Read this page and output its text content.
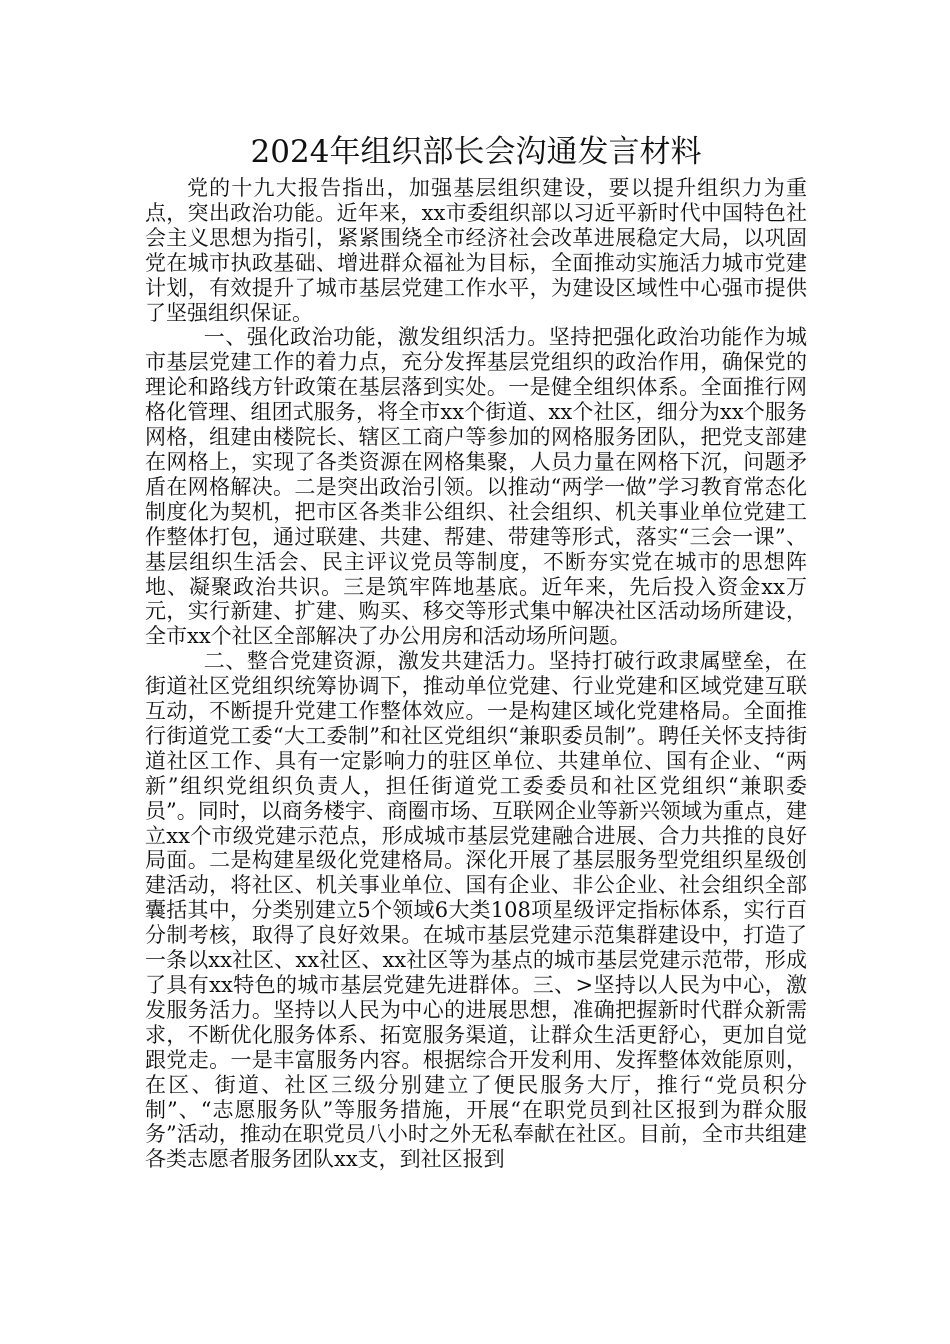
2024年组织部长会沟通发言材料

党的十九大报告指出，加强基层组织建设，要以提升组织力为重点，突出政治功能。近年来，xx市委组织部以习近平新时代中国特色社会主义思想为指引，紧紧围绕全市经济社会改革进展稳定大局，以巩固党在城市执政基础、增进群众福祉为目标，全面推动实施活力城市党建计划，有效提升了城市基层党建工作水平，为建设区域性中心强市提供了坚强组织保证。

一、强化政治功能，激发组织活力。坚持把强化政治功能作为城市基层党建工作的着力点，充分发挥基层党组织的政治作用，确保党的理论和路线方针政策在基层落到实处。一是健全组织体系。全面推行网格化管理、组团式服务，将全市xx个街道、xx个社区，细分为xx个服务网格，组建由楼院长、辖区工商户等参加的网格服务团队，把党支部建在网格上，实现了各类资源在网格集聚，人员力量在网格下沉，问题矛盾在网格解决。二是突出政治引领。以推动“两学一做”学习教育常态化制度化为契机，把市区各类非公组织、社会组织、机关事业单位党建工作整体打包，通过联建、共建、帮建、带建等形式，落实“三会一课”、基层组织生活会、民主评议党员等制度，不断夯实党在城市的思想阵地、凝聚政治共识。三是筑牢阵地基底。近年来，先后投入资金xx万元，实行新建、扩建、购买、移交等形式集中解决社区活动场所建设，全市xx个社区全部解决了办公用房和活动场所问题。

二、整合党建资源，激发共建活力。坚持打破行政隶属壁垒，在街道社区党组织统筹协调下，推动单位党建、行业党建和区域党建互联互动，不断提升党建工作整体效应。一是构建区域化党建格局。全面推行街道党工委“大工委制”和社区党组织“兼职委员制”。聘任关怀支持街道社区工作、具有一定影响力的驻区单位、共建单位、国有企业、“两新”组织党组织负责人，担任街道党工委委员和社区党组织“兼职委员”。同时，以商务楼宇、商圈市场、互联网企业等新兴领域为重点，建立xx个市级党建示范点，形成城市基层党建融合进展、合力共推的良好局面。二是构建星级化党建格局。深化开展了基层服务型党组织星级创建活动，将社区、机关事业单位、国有企业、非公企业、社会组织全部囊括其中，分类别建立5个领域6大类108项星级评定指标体系，实行百分制考核，取得了良好效果。在城市基层党建示范集群建设中，打造了一条以xx社区、xx社区、xx社区等为基点的城市基层党建示范带，形成了具有xx特色的城市基层党建先进群体。三、>坚持以人民为中心，激发服务活力。坚持以人民为中心的进展思想，准确把握新时代群众新需求，不断优化服务体系、拓宽服务渠道，让群众生活更舒心，更加自觉跟党走。一是丰富服务内容。根据综合开发利用、发挥整体效能原则，在区、街道、社区三级分别建立了便民服务大厅，推行“党员积分制”、“志愿服务队”等服务措施，开展“在职党员到社区报到为群众服务”活动，推动在职党员八小时之外无私奉献在社区。目前，全市共组建各类志愿者服务团队xx支，到社区报到
